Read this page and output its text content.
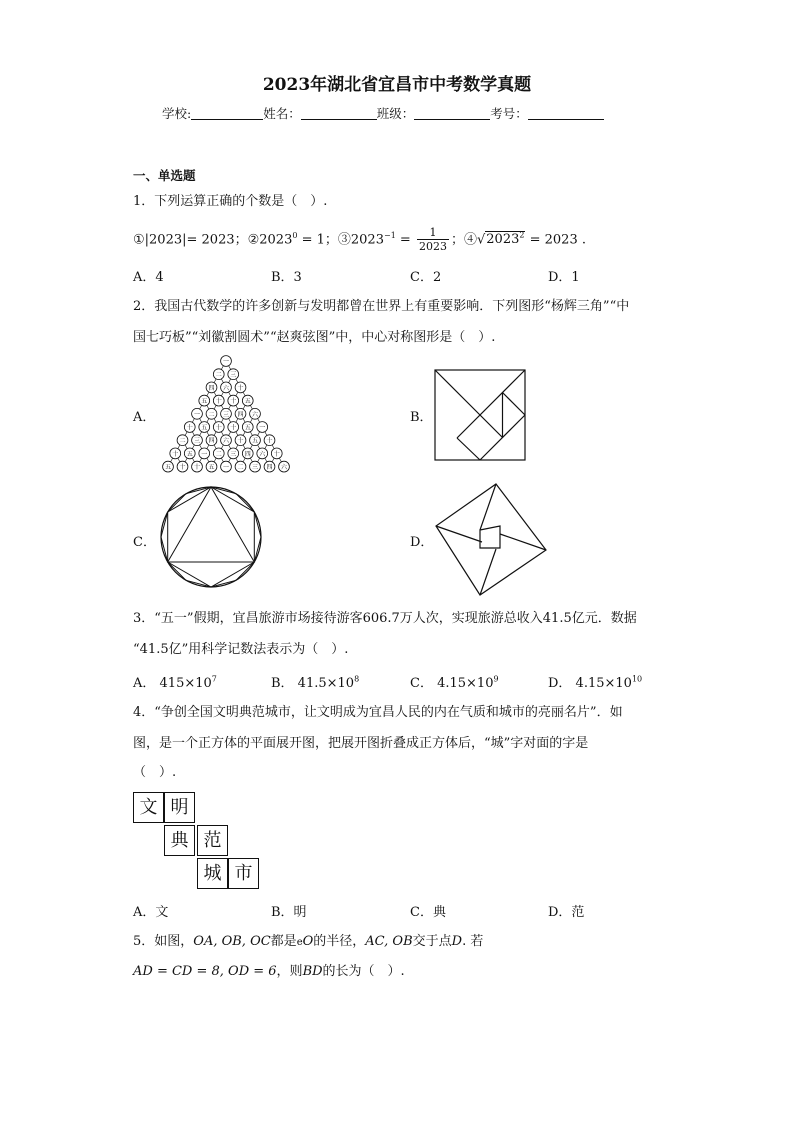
2023年湖北省宜昌市中考数学真题
学校:	姓名：	班级：	考号：
一、单选题
1．下列运算正确的个数是（　）.
①|2023|= 2023；$②2023^0 = 1$；$③2023^{-1} = \frac{1}{2023}$ ；$④√2023^2 = 2023$ .
A．4	B．3	C．2	D．1
2．我国古代数学的许多创新与发明都曾在世界上有重要影响．下列图形“杨辉三角”“中
国七巧板”“刘徽割圆术”“赵爽弦图”中，中心对称图形是（　）.
A．	B．
C．	D．
一
二 三
四 六 十
五 十 十 五
一 二 三 四 六
十 五 十 十 五 一
二 三 四 六 十 五 十
十 五 一 二 三 四 六 十
五 十 十 五 一 二 三 四 六
3．“五一”假期，宜昌旅游市场接待游客606.7万人次，实现旅游总收入41.5亿元．数据
“41.5亿”用科学记数法表示为（　）.
A． $415\times 10^7$	B． $41.5\times 10^8$	C． $4.15\times 10^9$	D． $4.15\times 10^{10}$
4．“争创全国文明典范城市，让文明成为宜昌人民的内在气质和城市的亮丽名片”．如
图，是一个正方体的平面展开图，把展开图折叠成正方体后，“城”字对面的字是
（　）.
文 明
典 范
城 市
A．文	B．明	C．典	D．范
5．如图，OA, OB, OC都是eO的半径，AC, OB交于点D. 若
AD = CD = 8, OD = 6，则BD的长为（　）.
